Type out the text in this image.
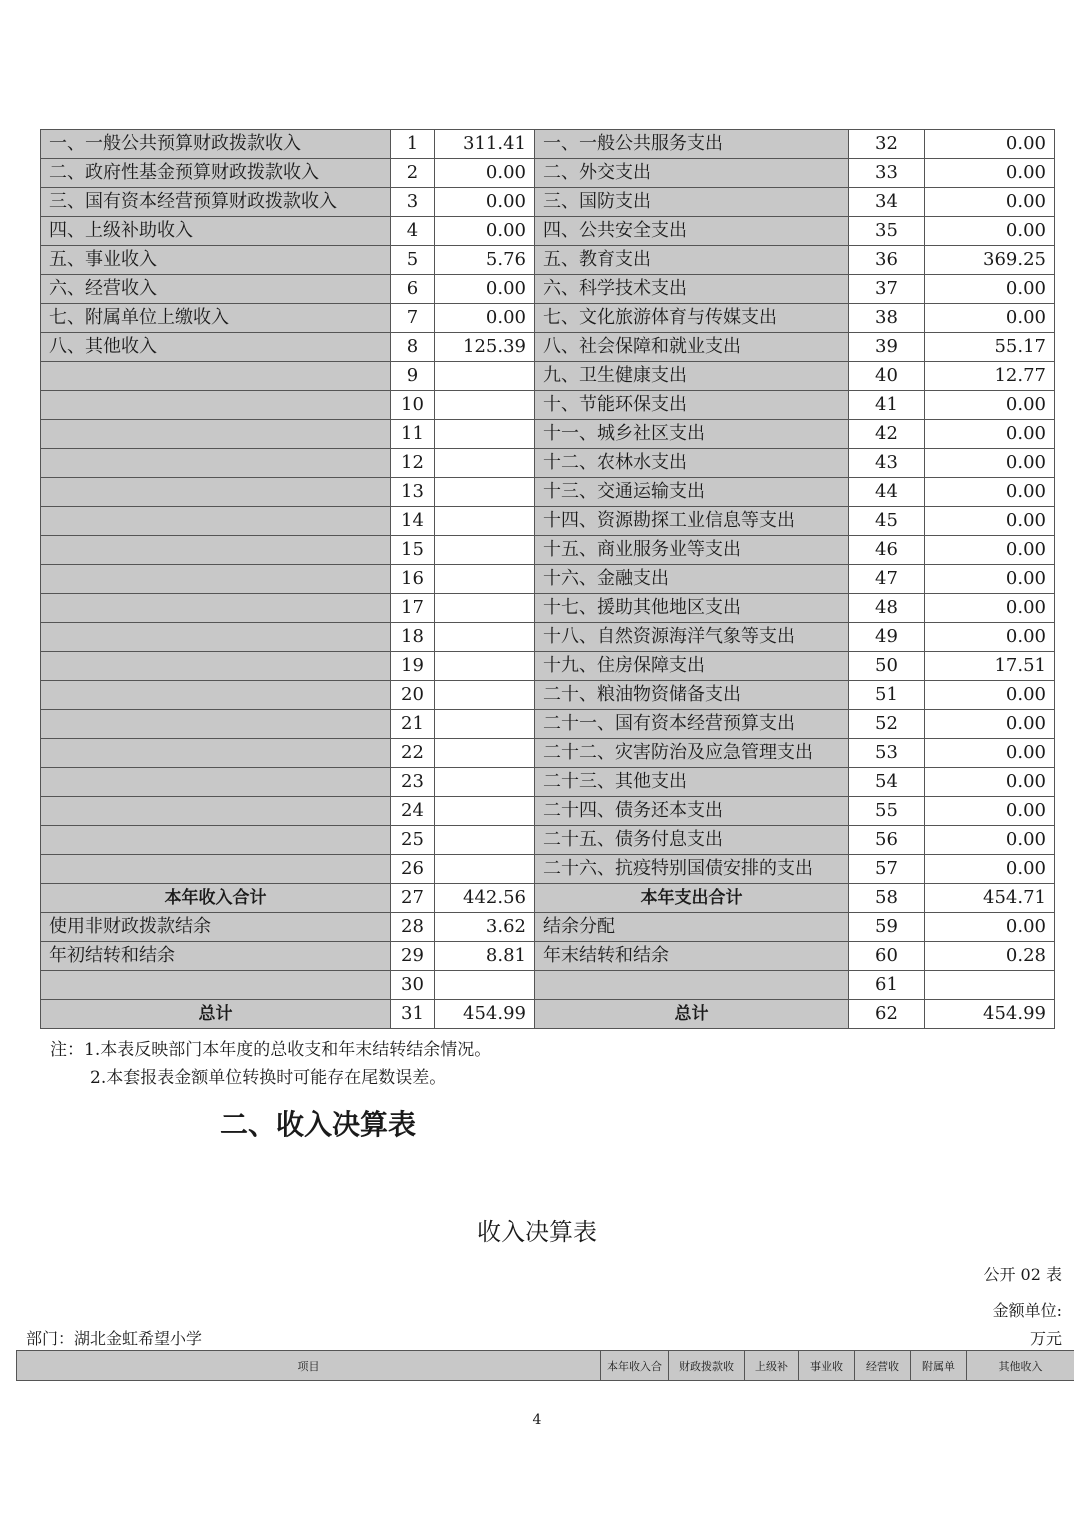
一、一般公共预算财政拨款收入	1	311.41	一、一般公共服务支出	32	0.00
二、政府性基金预算财政拨款收入	2	0.00	二、外交支出	33	0.00
三、国有资本经营预算财政拨款收入	3	0.00	三、国防支出	34	0.00
四、上级补助收入	4	0.00	四、公共安全支出	35	0.00
五、事业收入	5	5.76	五、教育支出	36	369.25
六、经营收入	6	0.00	六、科学技术支出	37	0.00
七、附属单位上缴收入	7	0.00	七、文化旅游体育与传媒支出	38	0.00
八、其他收入	8	125.39	八、社会保障和就业支出	39	55.17
	9		九、卫生健康支出	40	12.77
	10		十、节能环保支出	41	0.00
	11		十一、城乡社区支出	42	0.00
	12		十二、农林水支出	43	0.00
	13		十三、交通运输支出	44	0.00
	14		十四、资源勘探工业信息等支出	45	0.00
	15		十五、商业服务业等支出	46	0.00
	16		十六、金融支出	47	0.00
	17		十七、援助其他地区支出	48	0.00
	18		十八、自然资源海洋气象等支出	49	0.00
	19		十九、住房保障支出	50	17.51
	20		二十、粮油物资储备支出	51	0.00
	21		二十一、国有资本经营预算支出	52	0.00
	22		二十二、灾害防治及应急管理支出	53	0.00
	23		二十三、其他支出	54	0.00
	24		二十四、债务还本支出	55	0.00
	25		二十五、债务付息支出	56	0.00
	26		二十六、抗疫特别国债安排的支出	57	0.00
本年收入合计	27	442.56	本年支出合计	58	454.71
使用非财政拨款结余	28	3.62	结余分配	59	0.00
年初结转和结余	29	8.81	年末结转和结余	60	0.28
	30			61	
总计	31	454.99	总计	62	454.99
注：1.本表反映部门本年度的总收支和年末结转结余情况。
2.本套报表金额单位转换时可能存在尾数误差。
二、收入决算表
收入决算表
公开 02 表
金额单位:
万元
部门：湖北金虹希望小学
项目	本年收入合	财政拨款收	上级补	事业收	经营收	附属单	其他收入
4
